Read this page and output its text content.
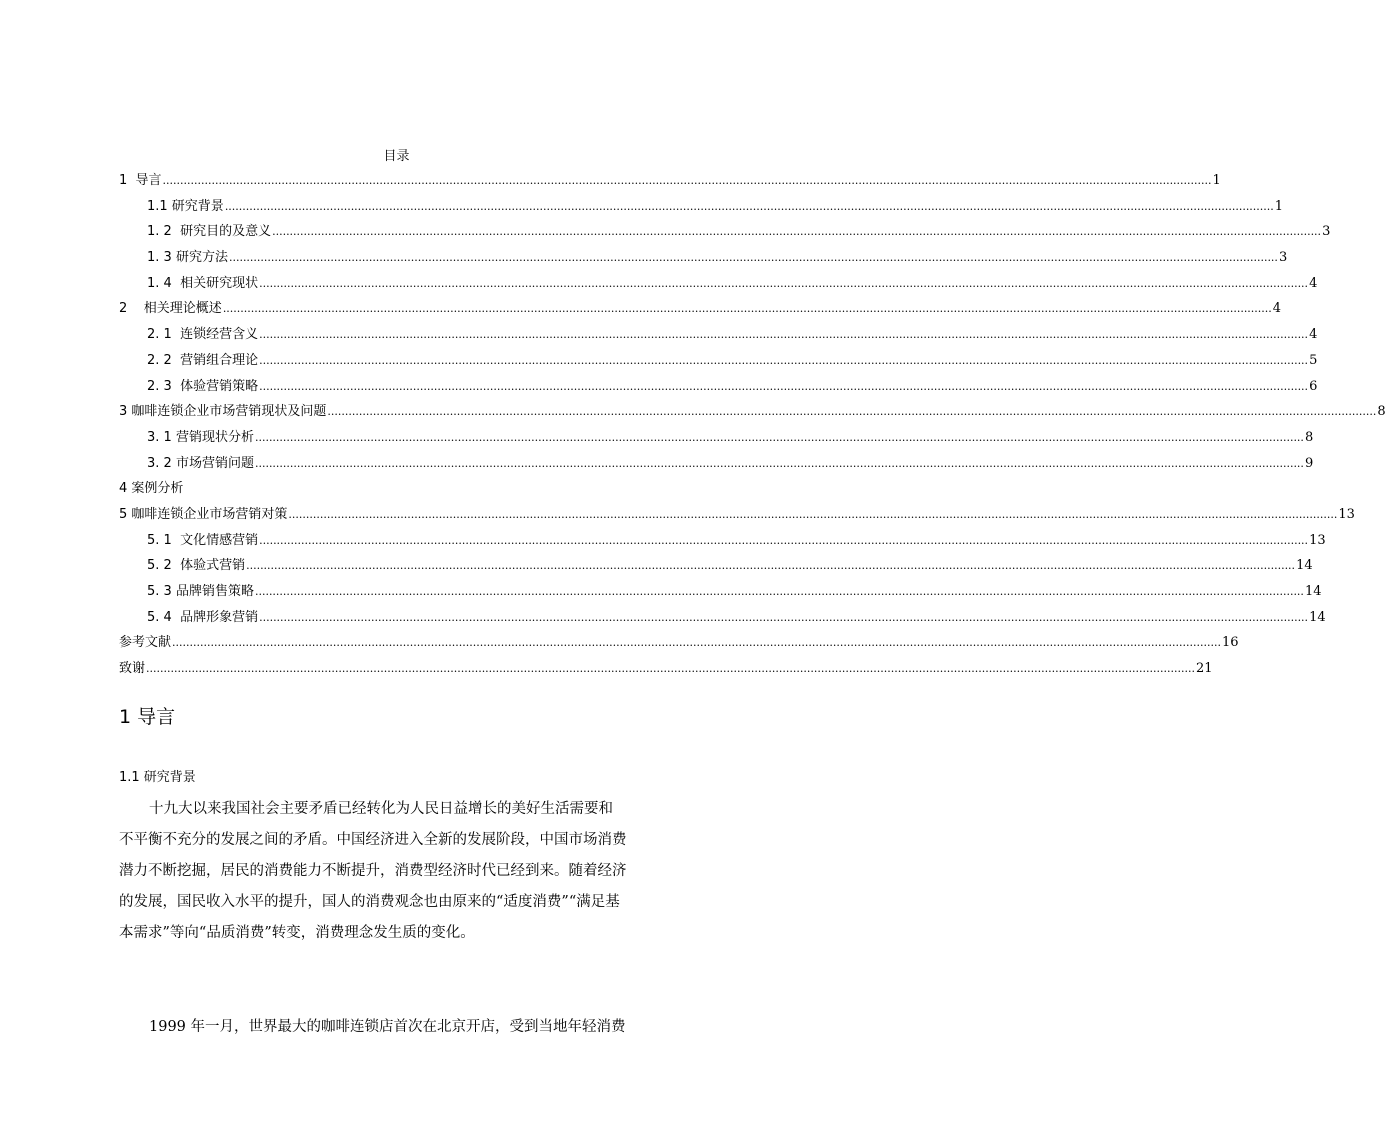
目录
1  导言 ............................................................................................................................................................................................................................................................................................................ 1
1.1 研究背景 ............................................................................................................................................................................................................................................................................................................ 1
1. 2  研究目的及意义 ............................................................................................................................................................................................................................................................................................................ 3
1. 3 研究方法 ............................................................................................................................................................................................................................................................................................................ 3
1. 4  相关研究现状 ............................................................................................................................................................................................................................................................................................................ 4
2    相关理论概述 ............................................................................................................................................................................................................................................................................................................ 4
2. 1  连锁经营含义 ............................................................................................................................................................................................................................................................................................................ 4
2. 2  营销组合理论 ............................................................................................................................................................................................................................................................................................................ 5
2. 3  体验营销策略 ............................................................................................................................................................................................................................................................................................................ 6
3 咖啡连锁企业市场营销现状及问题 ............................................................................................................................................................................................................................................................................................................ 8
3. 1 营销现状分析 ............................................................................................................................................................................................................................................................................................................ 8
3. 2 市场营销问题 ............................................................................................................................................................................................................................................................................................................ 9
4 案例分析
5 咖啡连锁企业市场营销对策 ............................................................................................................................................................................................................................................................................................................ 13
5. 1  文化情感营销 ............................................................................................................................................................................................................................................................................................................ 13
5. 2  体验式营销 ............................................................................................................................................................................................................................................................................................................ 14
5. 3 品牌销售策略 ............................................................................................................................................................................................................................................................................................................ 14
5. 4  品牌形象营销 ............................................................................................................................................................................................................................................................................................................ 14
参考文献 ............................................................................................................................................................................................................................................................................................................ 16
致谢 ............................................................................................................................................................................................................................................................................................................ 21
1 导言
1.1 研究背景

十九大以来我国社会主要矛盾已经转化为人民日益增长的美好生活需要和
不平衡不充分的发展之间的矛盾。中国经济进入全新的发展阶段，中国市场消费
潜力不断挖掘，居民的消费能力不断提升，消费型经济时代已经到来。随着经济
的发展，国民收入水平的提升，国人的消费观念也由原来的“适度消费”“满足基
本需求”等向“品质消费”转变，消费理念发生质的变化。

1999 年一月，世界最大的咖啡连锁店首次在北京开店，受到当地年轻消费
